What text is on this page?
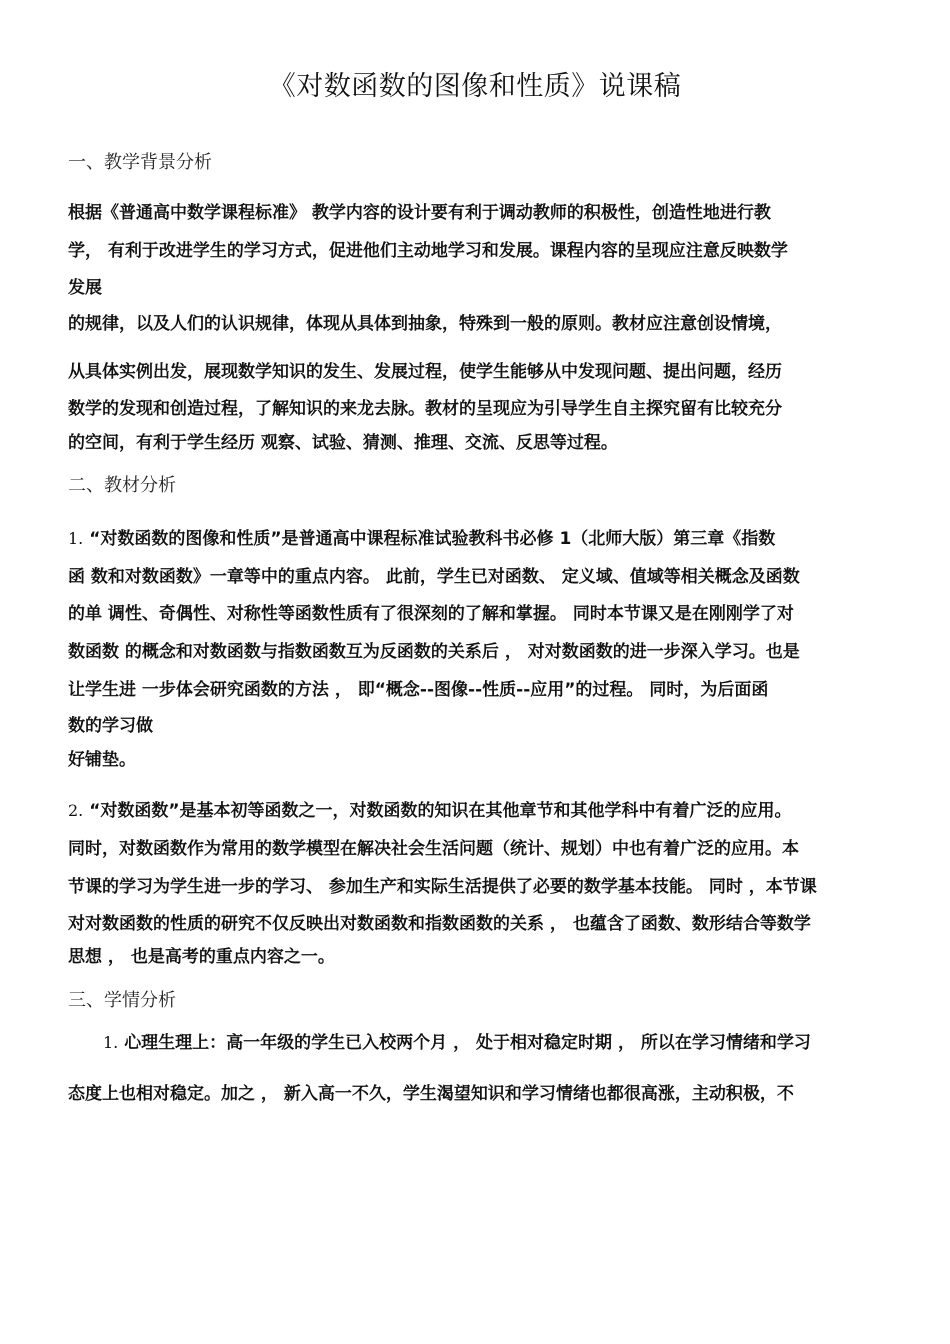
《对数函数的图像和性质》说课稿
一、教学背景分析
根据《普通高中数学课程标准》 教学内容的设计要有利于调动教师的积极性，创造性地进行教
学， 有利于改进学生的学习方式，促进他们主动地学习和发展。课程内容的呈现应注意反映数学
发展
的规律，以及人们的认识规律，体现从具体到抽象，特殊到一般的原则。教材应注意创设情境，
从具体实例出发，展现数学知识的发生、发展过程，使学生能够从中发现问题、提出问题，经历
数学的发现和创造过程，了解知识的来龙去脉。教材的呈现应为引导学生自主探究留有比较充分
的空间，有利于学生经历 观察、试验、猜测、推理、交流、反思等过程。
二、教材分析
1. “对数函数的图像和性质”是普通高中课程标准试验教科书必修 1（北师大版）第三章《指数
函 数和对数函数》一章等中的重点内容。 此前，学生已对函数、 定义域、值域等相关概念及函数
的单 调性、奇偶性、对称性等函数性质有了很深刻的了解和掌握。 同时本节课又是在刚刚学了对
数函数 的概念和对数函数与指数函数互为反函数的关系后 ， 对对数函数的进一步深入学习。也是
让学生进 一步体会研究函数的方法 ， 即“概念--图像--性质--应用”的过程。 同时，为后面函
数的学习做
好铺垫。
2. “对数函数”是基本初等函数之一，对数函数的知识在其他章节和其他学科中有着广泛的应用。
同时，对数函数作为常用的数学模型在解决社会生活问题（统计、规划）中也有着广泛的应用。本
节课的学习为学生进一步的学习、 参加生产和实际生活提供了必要的数学基本技能。 同时 ，本节课
对对数函数的性质的研究不仅反映出对数函数和指数函数的关系 ， 也蕴含了函数、数形结合等数学
思想 ， 也是高考的重点内容之一。
三、学情分析
1. 心理生理上：高一年级的学生已入校两个月 ， 处于相对稳定时期 ， 所以在学习情绪和学习
态度上也相对稳定。加之 ， 新入高一不久，学生渴望知识和学习情绪也都很高涨，主动积极，不
